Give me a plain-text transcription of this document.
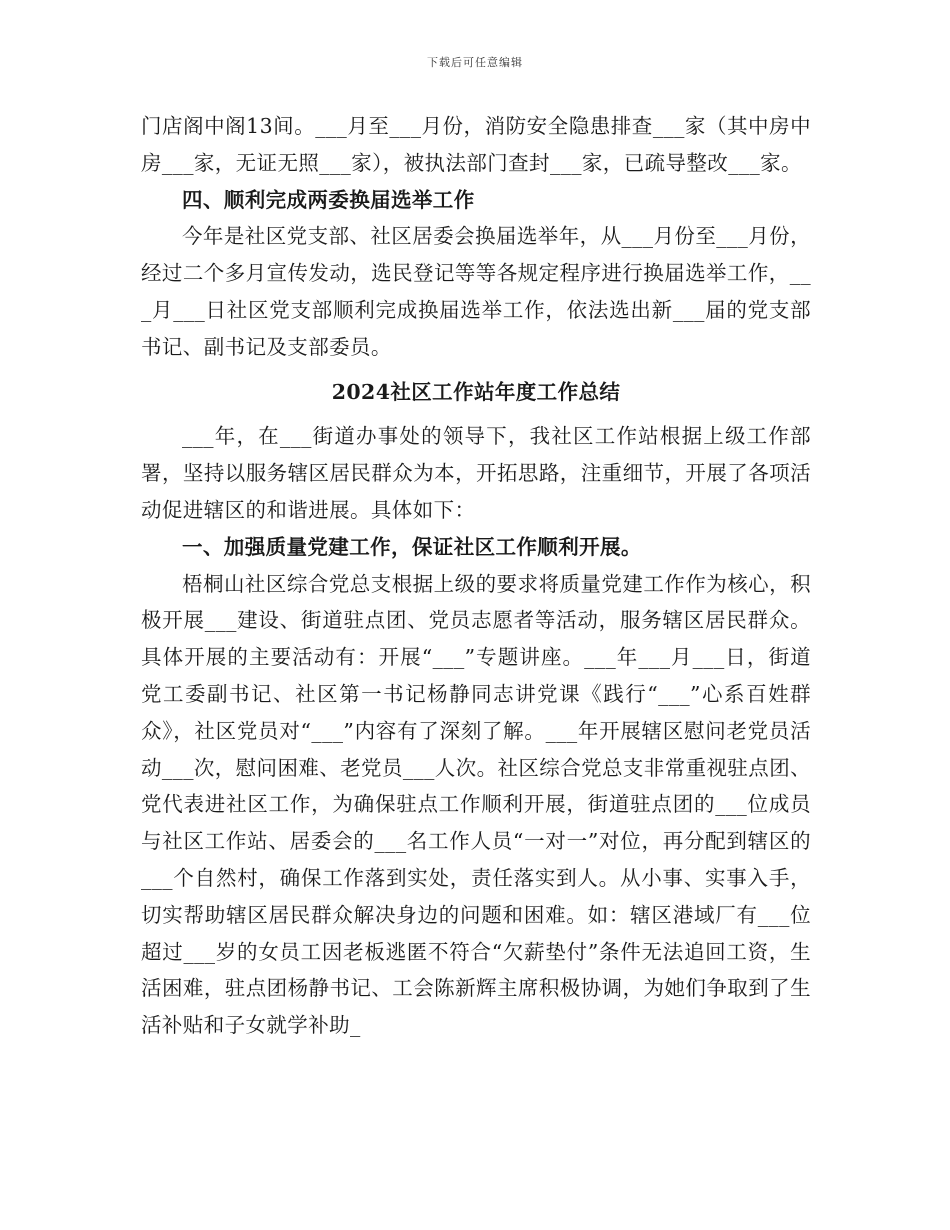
下载后可任意编辑

门店阁中阁13间。___月至___月份，消防安全隐患排查___家（其中房中房___家，无证无照___家），被执法部门查封___家，已疏导整改___家。

四、顺利完成两委换届选举工作

今年是社区党支部、社区居委会换届选举年，从___月份至___月份，经过二个多月宣传发动，选民登记等等各规定程序进行换届选举工作，___月___日社区党支部顺利完成换届选举工作，依法选出新___届的党支部书记、副书记及支部委员。

2024社区工作站年度工作总结

___年，在___街道办事处的领导下，我社区工作站根据上级工作部署，坚持以服务辖区居民群众为本，开拓思路，注重细节，开展了各项活动促进辖区的和谐进展。具体如下：

一、加强质量党建工作，保证社区工作顺利开展。

梧桐山社区综合党总支根据上级的要求将质量党建工作作为核心，积极开展___建设、街道驻点团、党员志愿者等活动，服务辖区居民群众。具体开展的主要活动有：开展“___”专题讲座。___年___月___日，街道党工委副书记、社区第一书记杨静同志讲党课《践行“___”心系百姓群众》，社区党员对“___”内容有了深刻了解。___年开展辖区慰问老党员活动___次，慰问困难、老党员___人次。社区综合党总支非常重视驻点团、党代表进社区工作，为确保驻点工作顺利开展，街道驻点团的___位成员与社区工作站、居委会的___名工作人员“一对一”对位，再分配到辖区的___个自然村，确保工作落到实处，责任落实到人。从小事、实事入手，切实帮助辖区居民群众解决身边的问题和困难。如：辖区港域厂有___位超过___岁的女员工因老板逃匿不符合“欠薪垫付”条件无法追回工资，生活困难，驻点团杨静书记、工会陈新辉主席积极协调，为她们争取到了生活补贴和子女就学补助_
